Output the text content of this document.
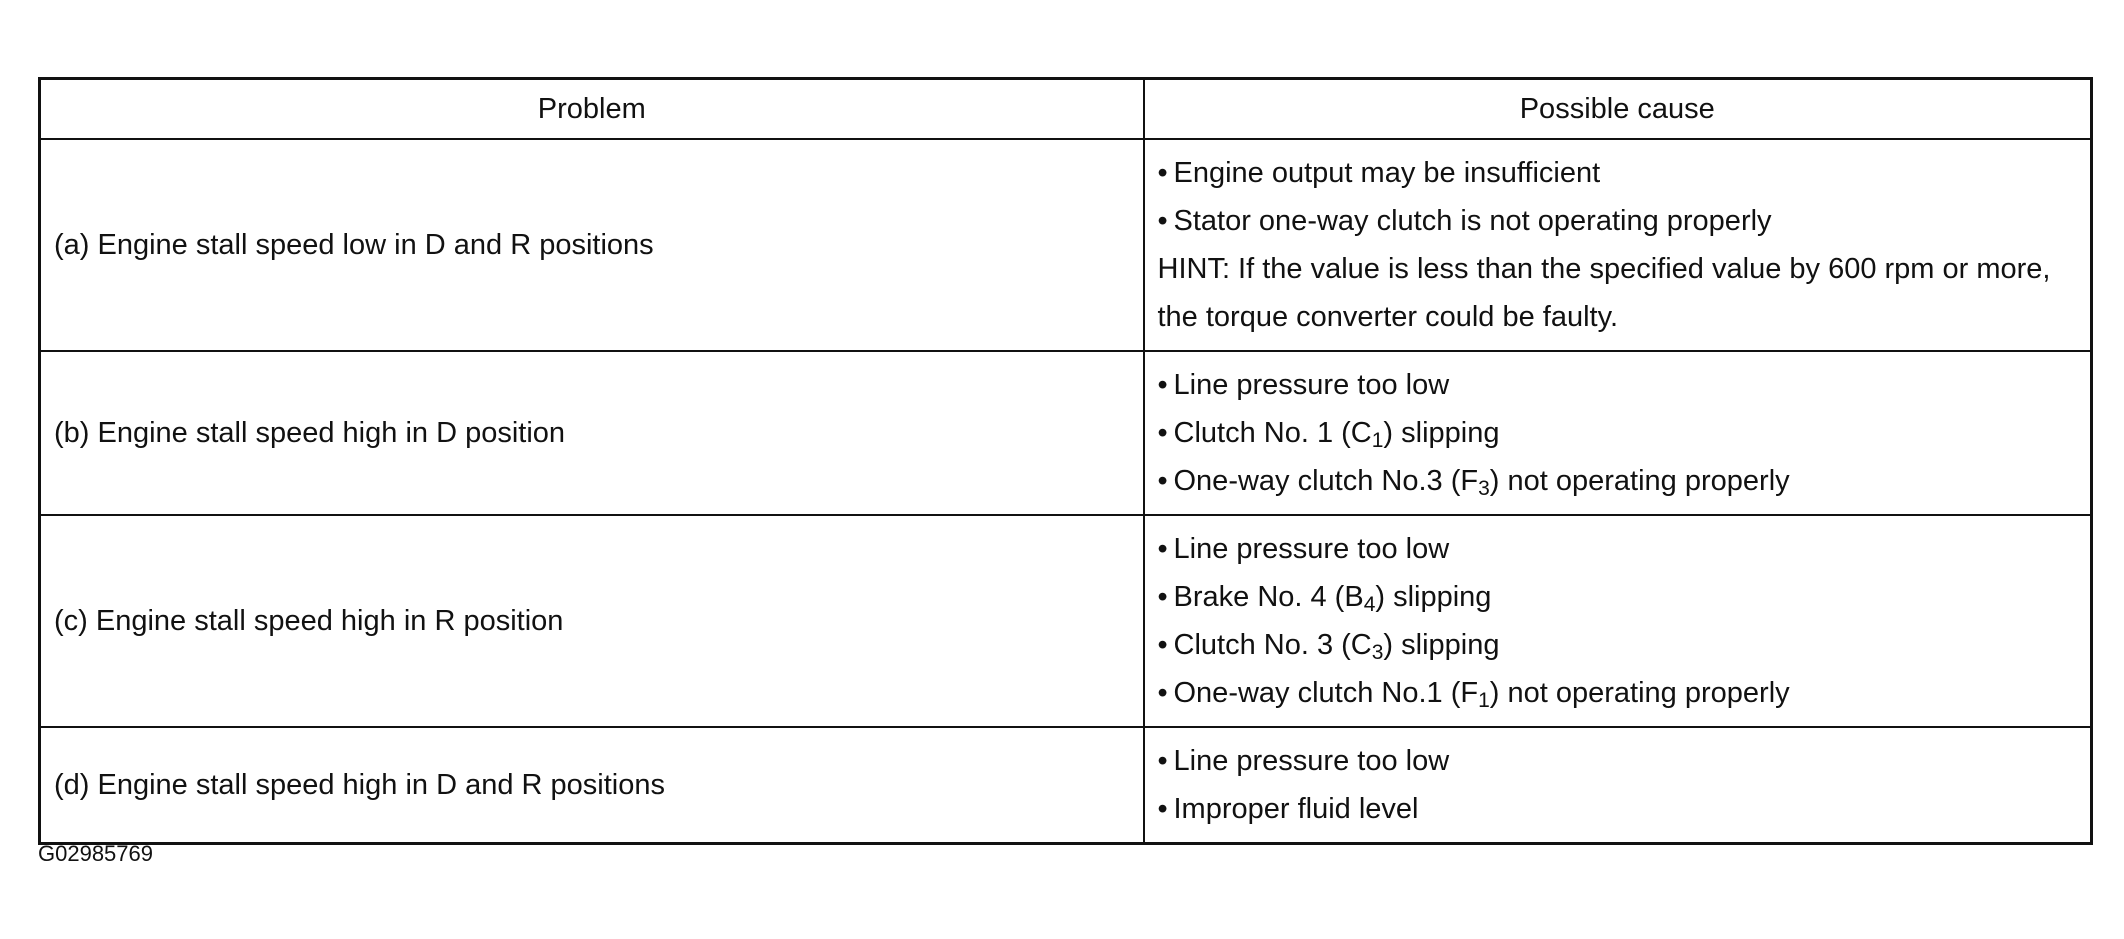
Problem	Possible cause
(a) Engine stall speed low in D and R positions	• Engine output may be insufficient
• Stator one-way clutch is not operating properly
HINT: If the value is less than the specified value by 600 rpm or more, the torque converter could be faulty.

(b) Engine stall speed high in D position	• Line pressure too low
• Clutch No. 1 $(C_1)$ slipping
• One-way clutch No.3 $(F_3)$ not operating properly

(c) Engine stall speed high in R position	• Line pressure too low
• Brake No. 4 $(B_4)$ slipping
• Clutch No. 3 $(C_3)$ slipping
• One-way clutch No.1 $(F_1)$ not operating properly

(d) Engine stall speed high in D and R positions	• Line pressure too low
• Improper fluid level
G02985769
